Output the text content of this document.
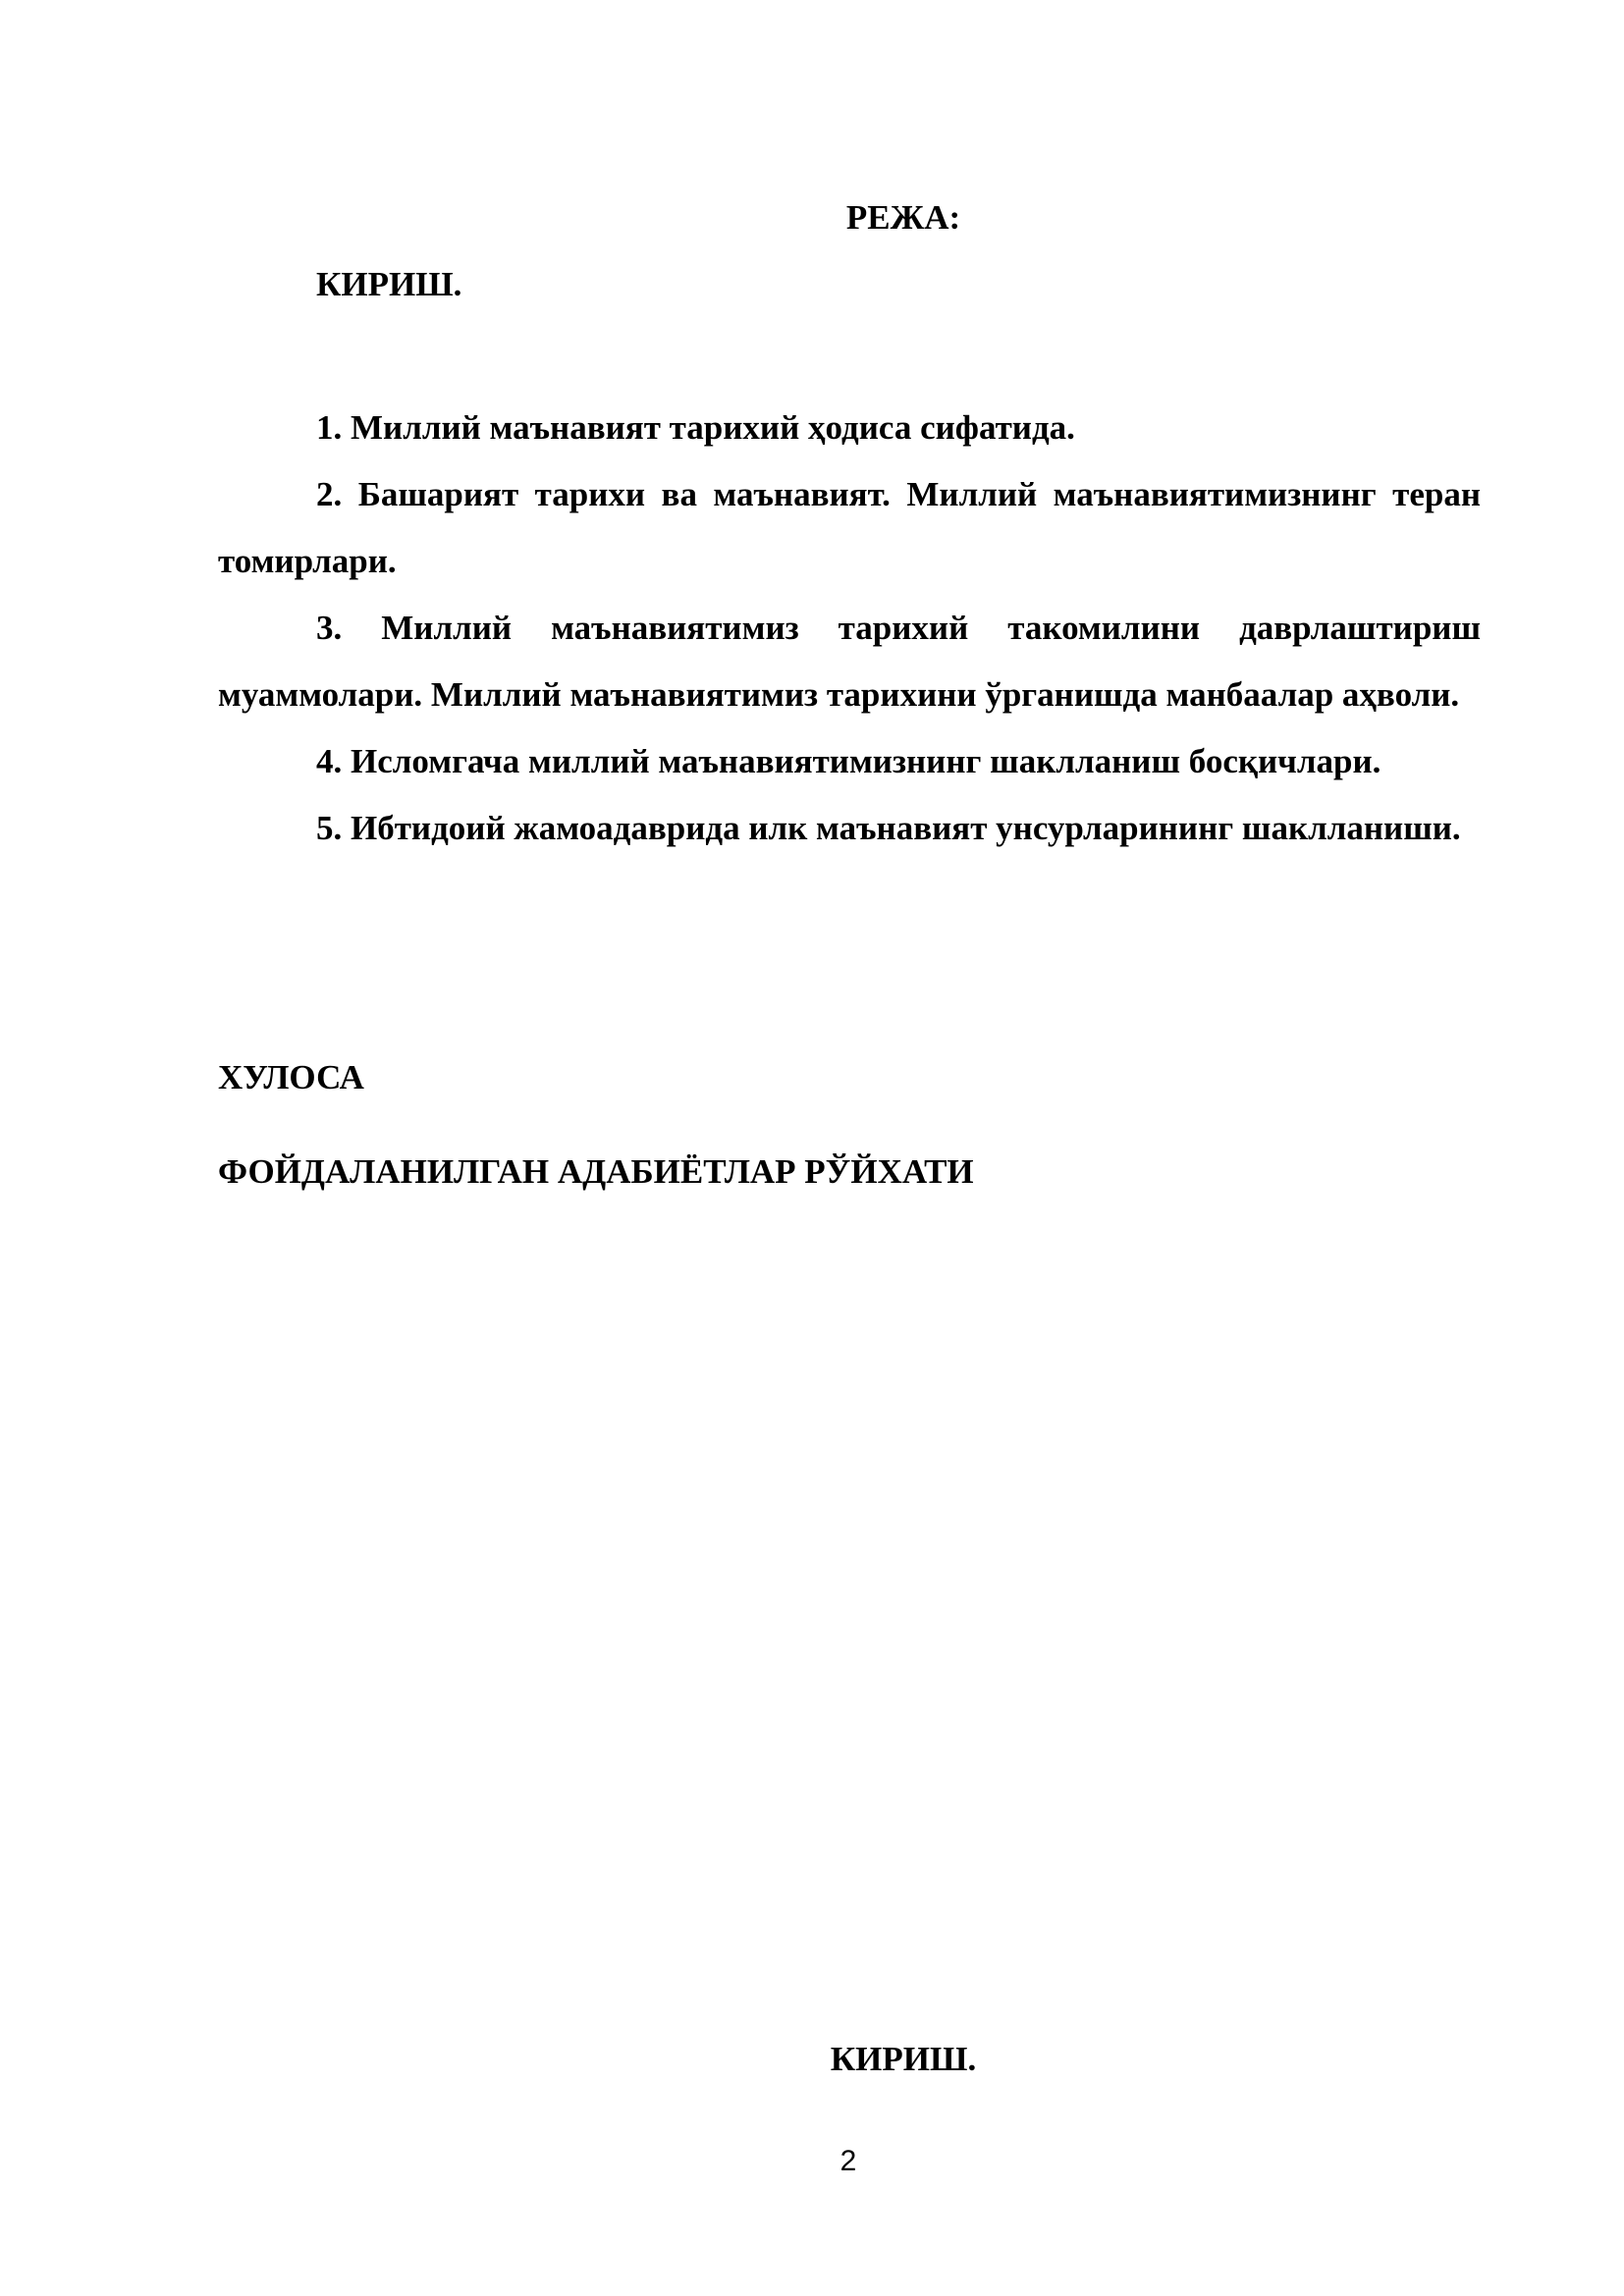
РЕЖА:
КИРИШ.

1. Миллий маънавият тарихий ҳодиса сифатида.

2. Башарият тарихи ва маънавият. Миллий маънавиятимизнинг теран томирлари.

3. Миллий маънавиятимиз тарихий такомилини даврлаштириш муаммолари. Миллий маънавиятимиз тарихини ўрганишда манбаалар аҳволи.

4. Исломгача миллий маънавиятимизнинг шаклланиш босқичлари.

5. Ибтидоий жамоадаврида илк маънавият унсурларининг шаклланиши.

ХУЛОСА
ФОЙДАЛАНИЛГАН АДАБИЁТЛАР РЎЙХАТИ
КИРИШ.
2
